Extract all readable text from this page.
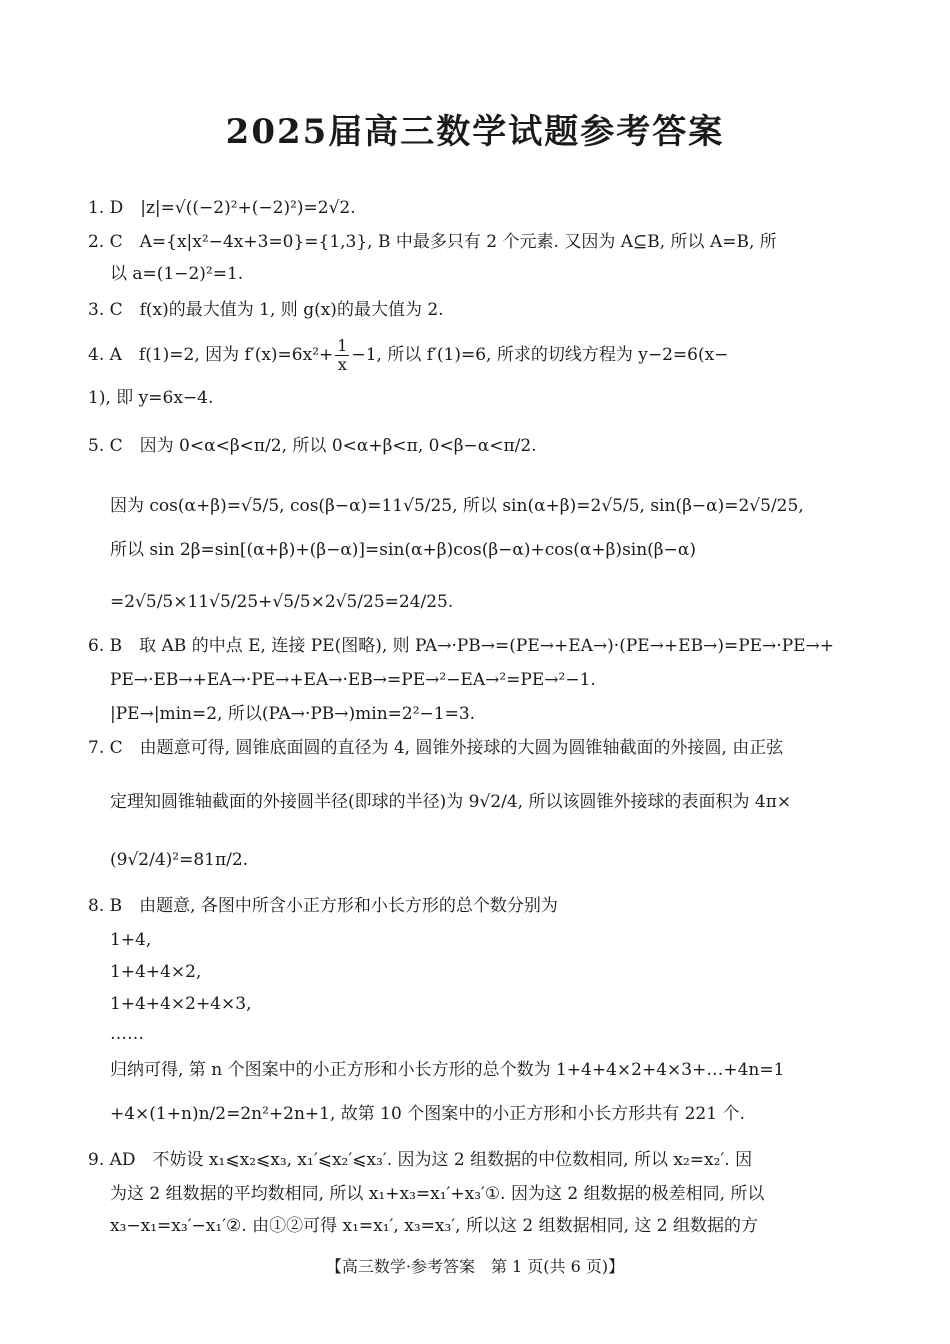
2025届高三数学试题参考答案
1. D　|z|=√((−2)²+(−2)²)=2√2.
2. C　A={x|x²−4x+3=0}={1,3}, B 中最多只有 2 个元素. 又因为 A⊆B, 所以 A=B, 所
以 a=(1−2)²=1.
3. C　f(x)的最大值为 1, 则 g(x)的最大值为 2.
4. A　f(1)=2, 因为 $f'(x)=6x^2+ \frac{1}{x} -1$, 所以 f′(1)=6, 所求的切线方程为 y−2=6(x−
1), 即 y=6x−4.
5. C　因为 0<α<β<π/2, 所以 0<α+β<π, 0<β−α<π/2.
因为 cos(α+β)=√5/5, cos(β−α)=11√5/25, 所以 sin(α+β)=2√5/5, sin(β−α)=2√5/25,
所以 sin 2β=sin[(α+β)+(β−α)]=sin(α+β)cos(β−α)+cos(α+β)sin(β−α)
=2√5/5×11√5/25+√5/5×2√5/25=24/25.
6. B　取 AB 的中点 E, 连接 PE(图略), 则 PA→·PB→=(PE→+EA→)·(PE→+EB→)=PE→·PE→+
PE→·EB→+EA→·PE→+EA→·EB→=PE→²−EA→²=PE→²−1.
|PE→|min=2, 所以(PA→·PB→)min=2²−1=3.
7. C　由题意可得, 圆锥底面圆的直径为 4, 圆锥外接球的大圆为圆锥轴截面的外接圆, 由正弦
定理知圆锥轴截面的外接圆半径(即球的半径)为 9√2/4, 所以该圆锥外接球的表面积为 4π×
(9√2/4)²=81π/2.
8. B　由题意, 各图中所含小正方形和小长方形的总个数分别为
1+4,
1+4+4×2,
1+4+4×2+4×3,
……
归纳可得, 第 n 个图案中的小正方形和小长方形的总个数为 1+4+4×2+4×3+…+4n=1
+4×(1+n)n/2=2n²+2n+1, 故第 10 个图案中的小正方形和小长方形共有 221 个.
9. AD　不妨设 x₁⩽x₂⩽x₃, x₁′⩽x₂′⩽x₃′. 因为这 2 组数据的中位数相同, 所以 x₂=x₂′. 因
为这 2 组数据的平均数相同, 所以 x₁+x₃=x₁′+x₃′①. 因为这 2 组数据的极差相同, 所以
x₃−x₁=x₃′−x₁′②. 由①②可得 x₁=x₁′, x₃=x₃′, 所以这 2 组数据相同, 这 2 组数据的方
【高三数学·参考答案　第 1 页(共 6 页)】
